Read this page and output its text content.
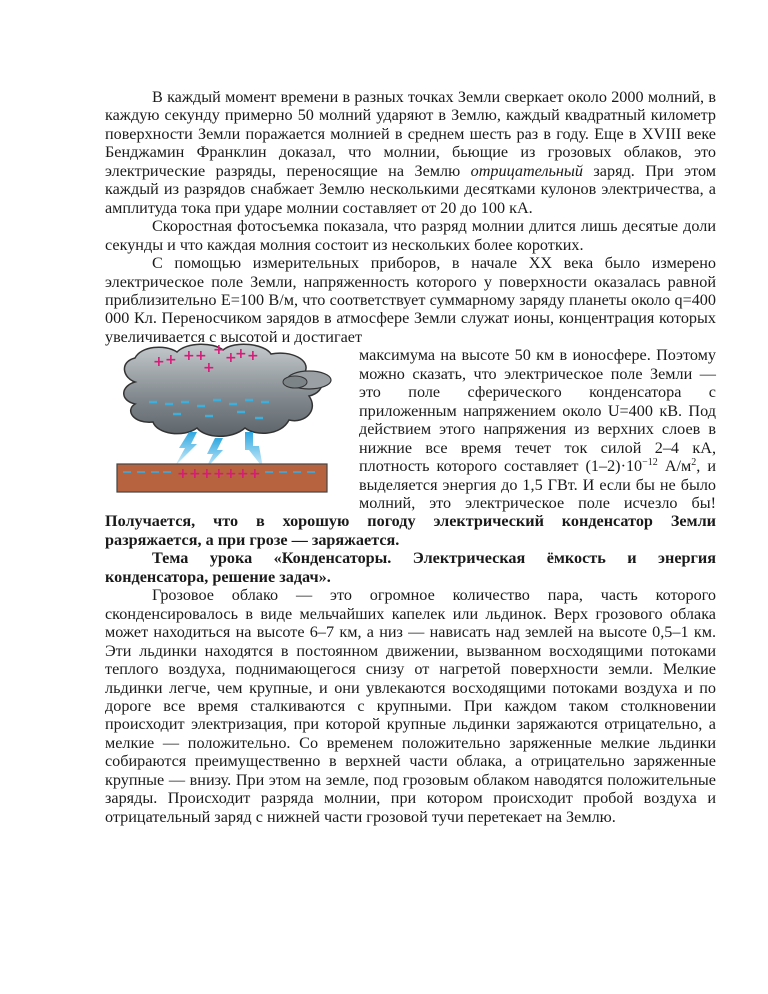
В каждый момент времени в разных точках Земли сверкает около 2000 молний, в каждую секунду примерно 50 молний ударяют в Землю, каждый квадратный километр поверхности Земли поражается молнией в среднем шесть раз в году. Еще в XVIII веке Бенджамин Франклин доказал, что молнии, бьющие из грозовых облаков, это электрические разряды, переносящие на Землю отрицательный заряд. При этом каждый из разрядов снабжает Землю несколькими десятками кулонов электричества, а амплитуда тока при ударе молнии составляет от 20 до 100 кА.

Скоростная фотосъемка показала, что разряд молнии длится лишь десятые доли секунды и что каждая молния состоит из нескольких более коротких.

С помощью измерительных приборов, в начале XX века было измерено электрическое поле Земли, напряженность которого у поверхности оказалась равной приблизительно E=100 В/м, что соответствует суммарному заряду планеты около q=400 000 Кл. Переносчиком зарядов в атмосфере Земли служат ионы, концентрация которых увеличивается с высотой и достигает

+ + + +
+
+ +
+ +
+ + + + + + +

максимума на высоте 50 км в ионосфере. Поэтому можно сказать, что электрическое поле Земли — это поле сферического конденсатора с приложенным напряжением около U=400 кВ. Под действием этого напряжения из верхних слоев в нижние все время течет ток силой 2–4 кА, плотность которого составляет $(1-2)\cdot 10^{-12}$ $А/м^2$, и выделяется энергия до 1,5 ГВт. И если бы не было молний, это электрическое поле исчезло бы! Получается, что в хорошую погоду электрический конденсатор Земли разряжается, а при грозе — заряжается.

Тема урока «Конденсаторы. Электрическая ёмкость и энергия конденсатора, решение задач».

Грозовое облако — это огромное количество пара, часть которого сконденсировалось в виде мельчайших капелек или льдинок. Верх грозового облака может находиться на высоте 6–7 км, а низ — нависать над землей на высоте 0,5–1 км. Эти льдинки находятся в постоянном движении, вызванном восходящими потоками теплого воздуха, поднимающегося снизу от нагретой поверхности земли. Мелкие льдинки легче, чем крупные, и они увлекаются восходящими потоками воздуха и по дороге все время сталкиваются с крупными. При каждом таком столкновении происходит электризация, при которой крупные льдинки заряжаются отрицательно, а мелкие — положительно. Со временем положительно заряженные мелкие льдинки собираются преимущественно в верхней части облака, а отрицательно заряженные крупные — внизу. При этом на земле, под грозовым облаком наводятся положительные заряды. Происходит разряда молнии, при котором происходит пробой воздуха и отрицательный заряд с нижней части грозовой тучи перетекает на Землю.
